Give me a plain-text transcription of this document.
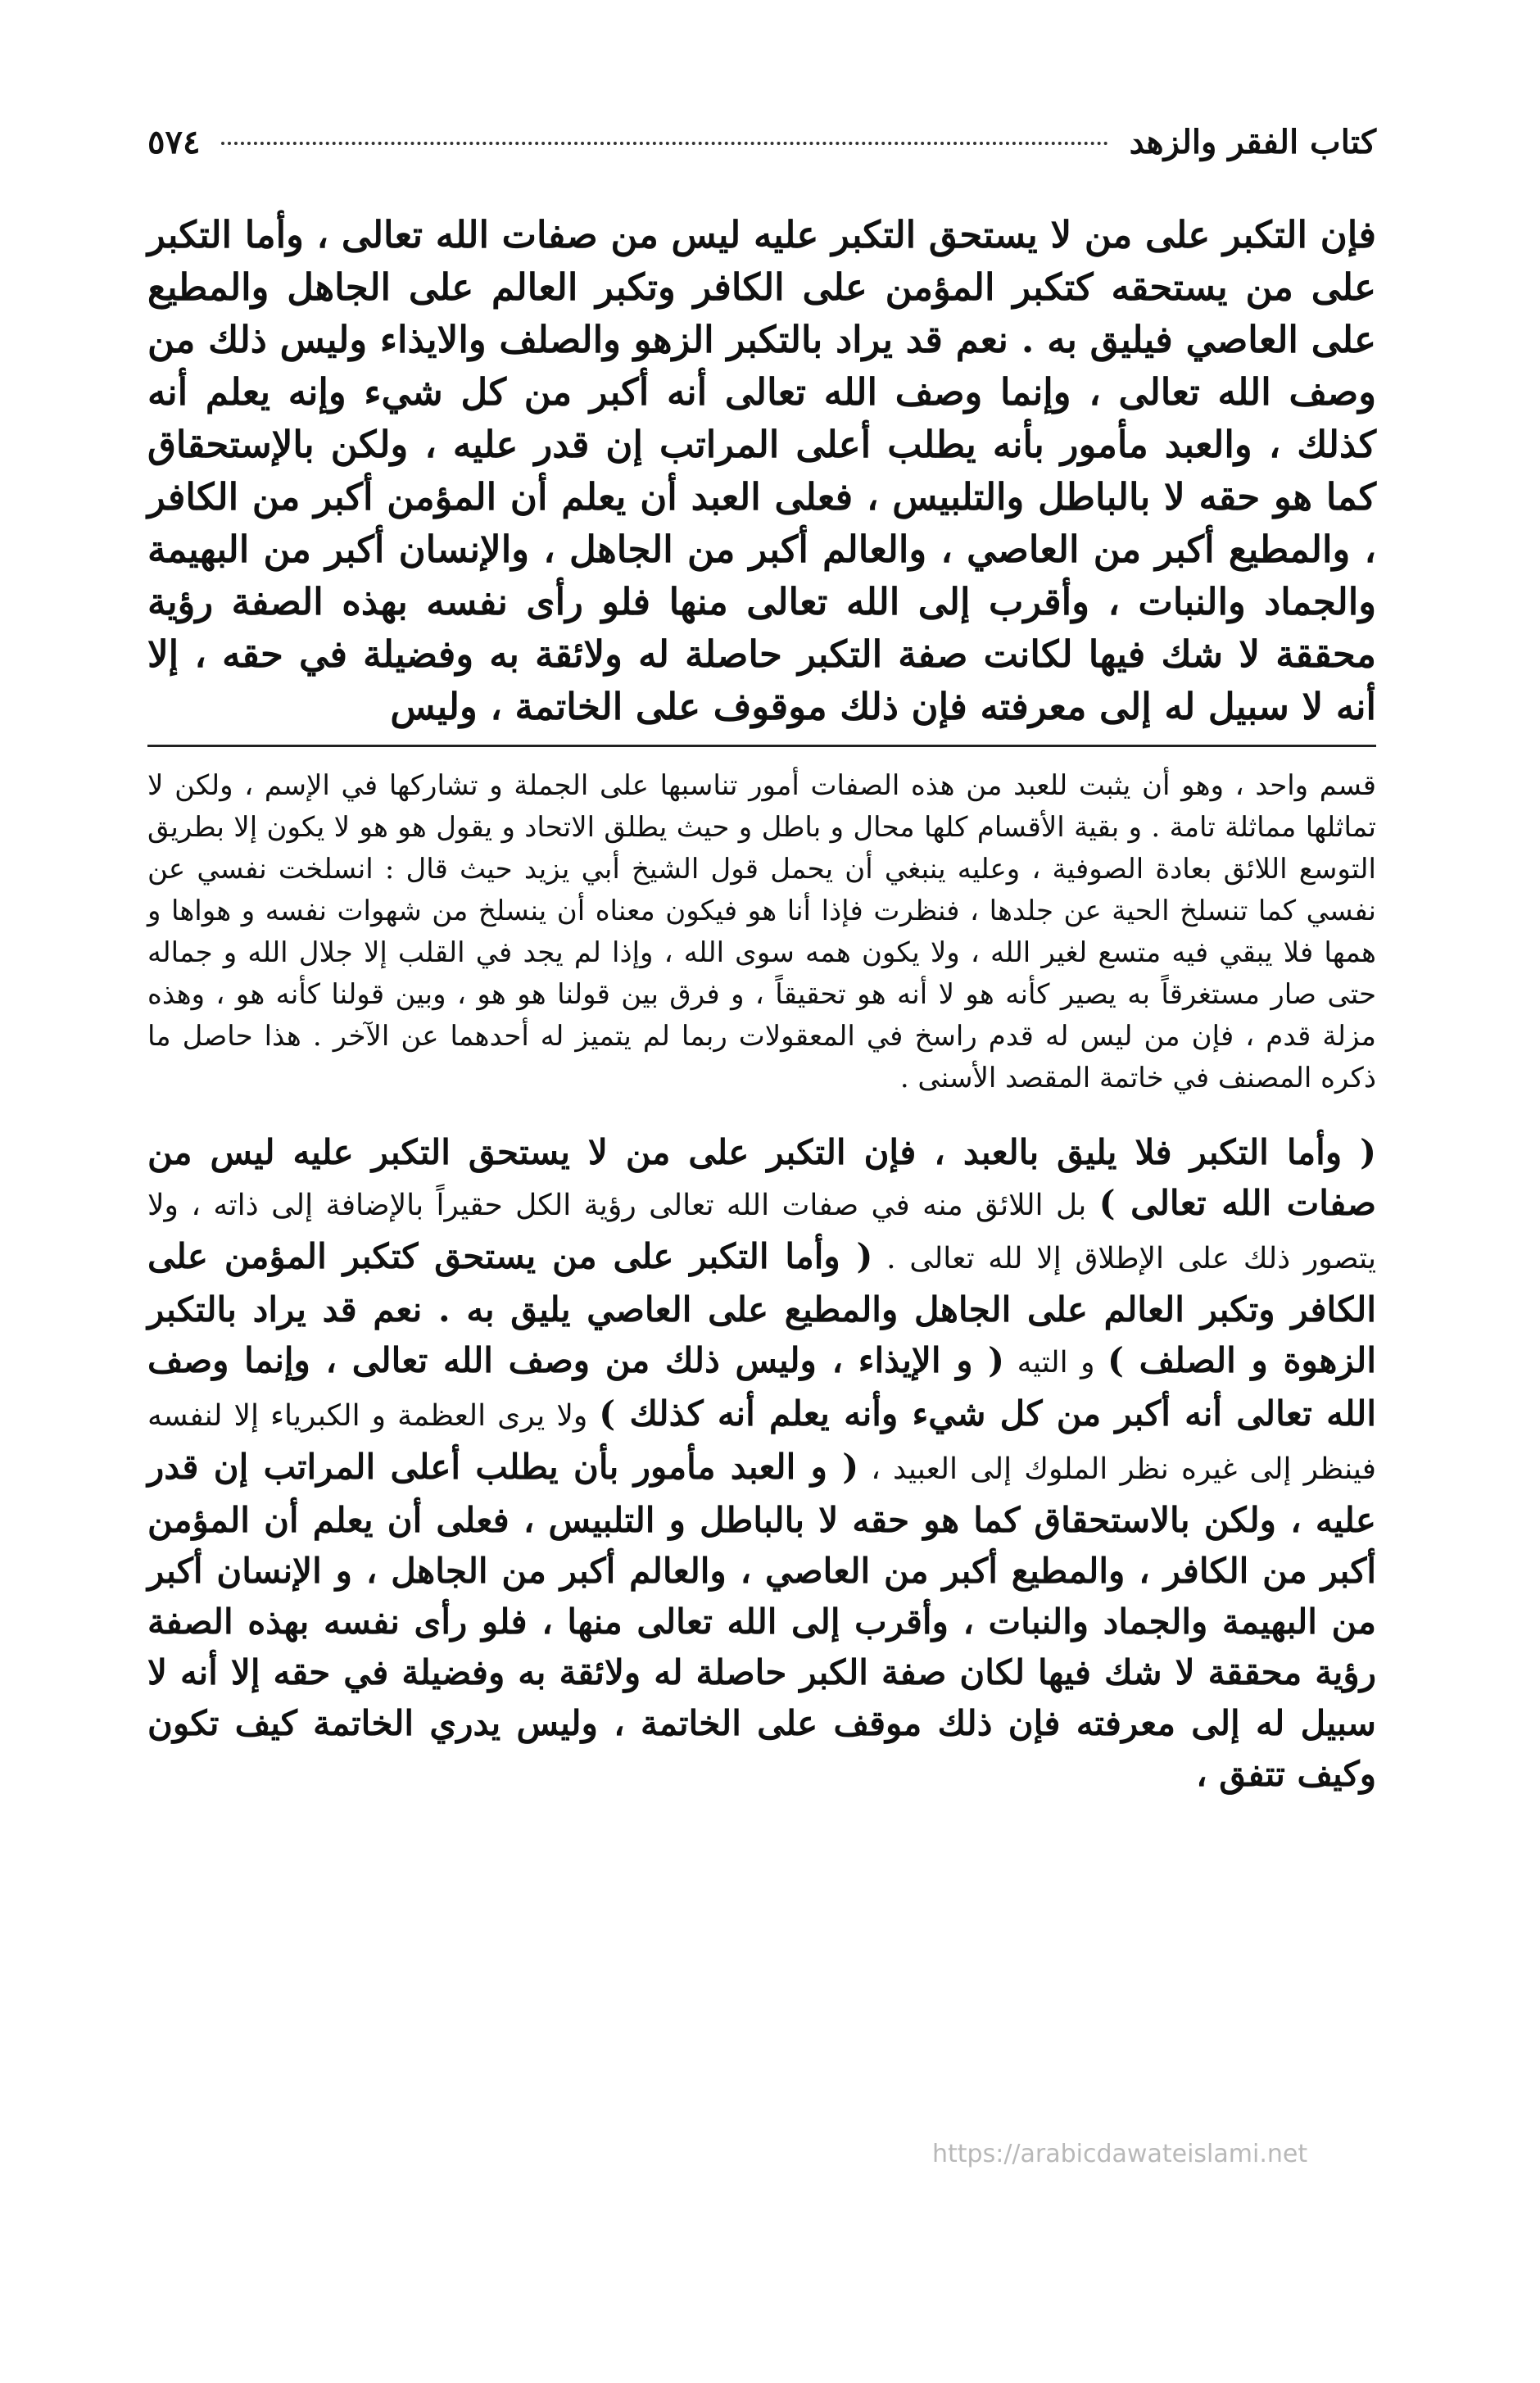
كتاب الفقر والزهد
٥٧٤

فإن التكبر على من لا يستحق التكبر عليه ليس من صفات الله تعالى ، وأما التكبر على من يستحقه كتكبر المؤمن على الكافر وتكبر العالم على الجاهل والمطيع على العاصي فيليق به . نعم قد يراد بالتكبر الزهو والصلف والايذاء وليس ذلك من وصف الله تعالى ، وإنما وصف الله تعالى أنه أكبر من كل شيء وإنه يعلم أنه كذلك ، والعبد مأمور بأنه يطلب أعلى المراتب إن قدر عليه ، ولكن بالإستحقاق كما هو حقه لا بالباطل والتلبيس ، فعلى العبد أن يعلم أن المؤمن أكبر من الكافر ، والمطيع أكبر من العاصي ، والعالم أكبر من الجاهل ، والإنسان أكبر من البهيمة والجماد والنبات ، وأقرب إلى الله تعالى منها فلو رأى نفسه بهذه الصفة رؤية محققة لا شك فيها لكانت صفة التكبر حاصلة له ولائقة به وفضيلة في حقه ، إلا أنه لا سبيل له إلى معرفته فإن ذلك موقوف على الخاتمة ، وليس

قسم واحد ، وهو أن يثبت للعبد من هذه الصفات أمور تناسبها على الجملة و تشاركها في الإسم ، ولكن لا تماثلها مماثلة تامة . و بقية الأقسام كلها محال و باطل و حيث يطلق الاتحاد و يقول هو هو لا يكون إلا بطريق التوسع اللائق بعادة الصوفية ، وعليه ينبغي أن يحمل قول الشيخ أبي يزيد حيث قال : انسلخت نفسي عن نفسي كما تنسلخ الحية عن جلدها ، فنظرت فإذا أنا هو فيكون معناه أن ينسلخ من شهوات نفسه و هواها و همها فلا يبقي فيه متسع لغير الله ، ولا يكون همه سوى الله ، وإذا لم يجد في القلب إلا جلال الله و جماله حتى صار مستغرقاً به يصير كأنه هو لا أنه هو تحقيقاً ، و فرق بين قولنا هو هو ، وبين قولنا كأنه هو ، وهذه مزلة قدم ، فإن من ليس له قدم راسخ في المعقولات ربما لم يتميز له أحدهما عن الآخر . هذا حاصل ما ذكره المصنف في خاتمة المقصد الأسنى .

( وأما التكبر فلا يليق بالعبد ، فإن التكبر على من لا يستحق التكبر عليه ليس من صفات الله تعالى ) بل اللائق منه في صفات الله تعالى رؤية الكل حقيراً بالإضافة إلى ذاته ، ولا يتصور ذلك على الإطلاق إلا لله تعالى . ( وأما التكبر على من يستحق كتكبر المؤمن على الكافر وتكبر العالم على الجاهل والمطيع على العاصي يليق به . نعم قد يراد بالتكبر الزهوة و الصلف ) و التيه ( و الإيذاء ، وليس ذلك من وصف الله تعالى ، وإنما وصف الله تعالى أنه أكبر من كل شيء وأنه يعلم أنه كذلك ) ولا يرى العظمة و الكبرياء إلا لنفسه فينظر إلى غيره نظر الملوك إلى العبيد ، ( و العبد مأمور بأن يطلب أعلى المراتب إن قدر عليه ، ولكن بالاستحقاق كما هو حقه لا بالباطل و التلبيس ، فعلى أن يعلم أن المؤمن أكبر من الكافر ، والمطيع أكبر من العاصي ، والعالم أكبر من الجاهل ، و الإنسان أكبر من البهيمة والجماد والنبات ، وأقرب إلى الله تعالى منها ، فلو رأى نفسه بهذه الصفة رؤية محققة لا شك فيها لكان صفة الكبر حاصلة له ولائقة به وفضيلة في حقه إلا أنه لا سبيل له إلى معرفته فإن ذلك موقف على الخاتمة ، وليس يدري الخاتمة كيف تكون وكيف تتفق ،
https://arabicdawateislami.net
